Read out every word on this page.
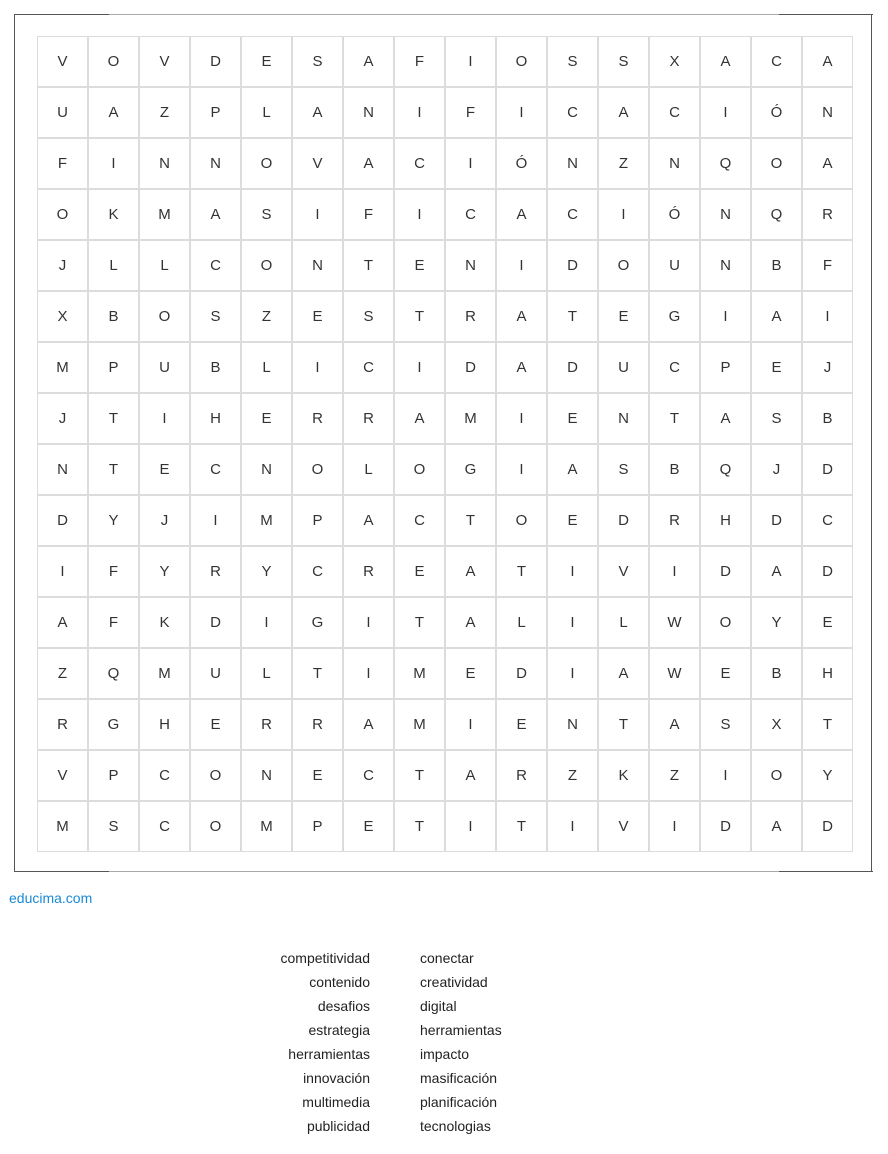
V	O	V	D	E	S	A	F	I	O	S	S	X	A	C	A
U	A	Z	P	L	A	N	I	F	I	C	A	C	I	Ó	N
F	I	N	N	O	V	A	C	I	Ó	N	Z	N	Q	O	A
O	K	M	A	S	I	F	I	C	A	C	I	Ó	N	Q	R
J	L	L	C	O	N	T	E	N	I	D	O	U	N	B	F
X	B	O	S	Z	E	S	T	R	A	T	E	G	I	A	I
M	P	U	B	L	I	C	I	D	A	D	U	C	P	E	J
J	T	I	H	E	R	R	A	M	I	E	N	T	A	S	B
N	T	E	C	N	O	L	O	G	I	A	S	B	Q	J	D
D	Y	J	I	M	P	A	C	T	O	E	D	R	H	D	C
I	F	Y	R	Y	C	R	E	A	T	I	V	I	D	A	D
A	F	K	D	I	G	I	T	A	L	I	L	W	O	Y	E
Z	Q	M	U	L	T	I	M	E	D	I	A	W	E	B	H
R	G	H	E	R	R	A	M	I	E	N	T	A	S	X	T
V	P	C	O	N	E	C	T	A	R	Z	K	Z	I	O	Y
M	S	C	O	M	P	E	T	I	T	I	V	I	D	A	D
educima.com
competitividad
contenido
desafios
estrategia
herramientas
innovación
multimedia
publicidad
conectar
creatividad
digital
herramientas
impacto
masificación
planificación
tecnologias
